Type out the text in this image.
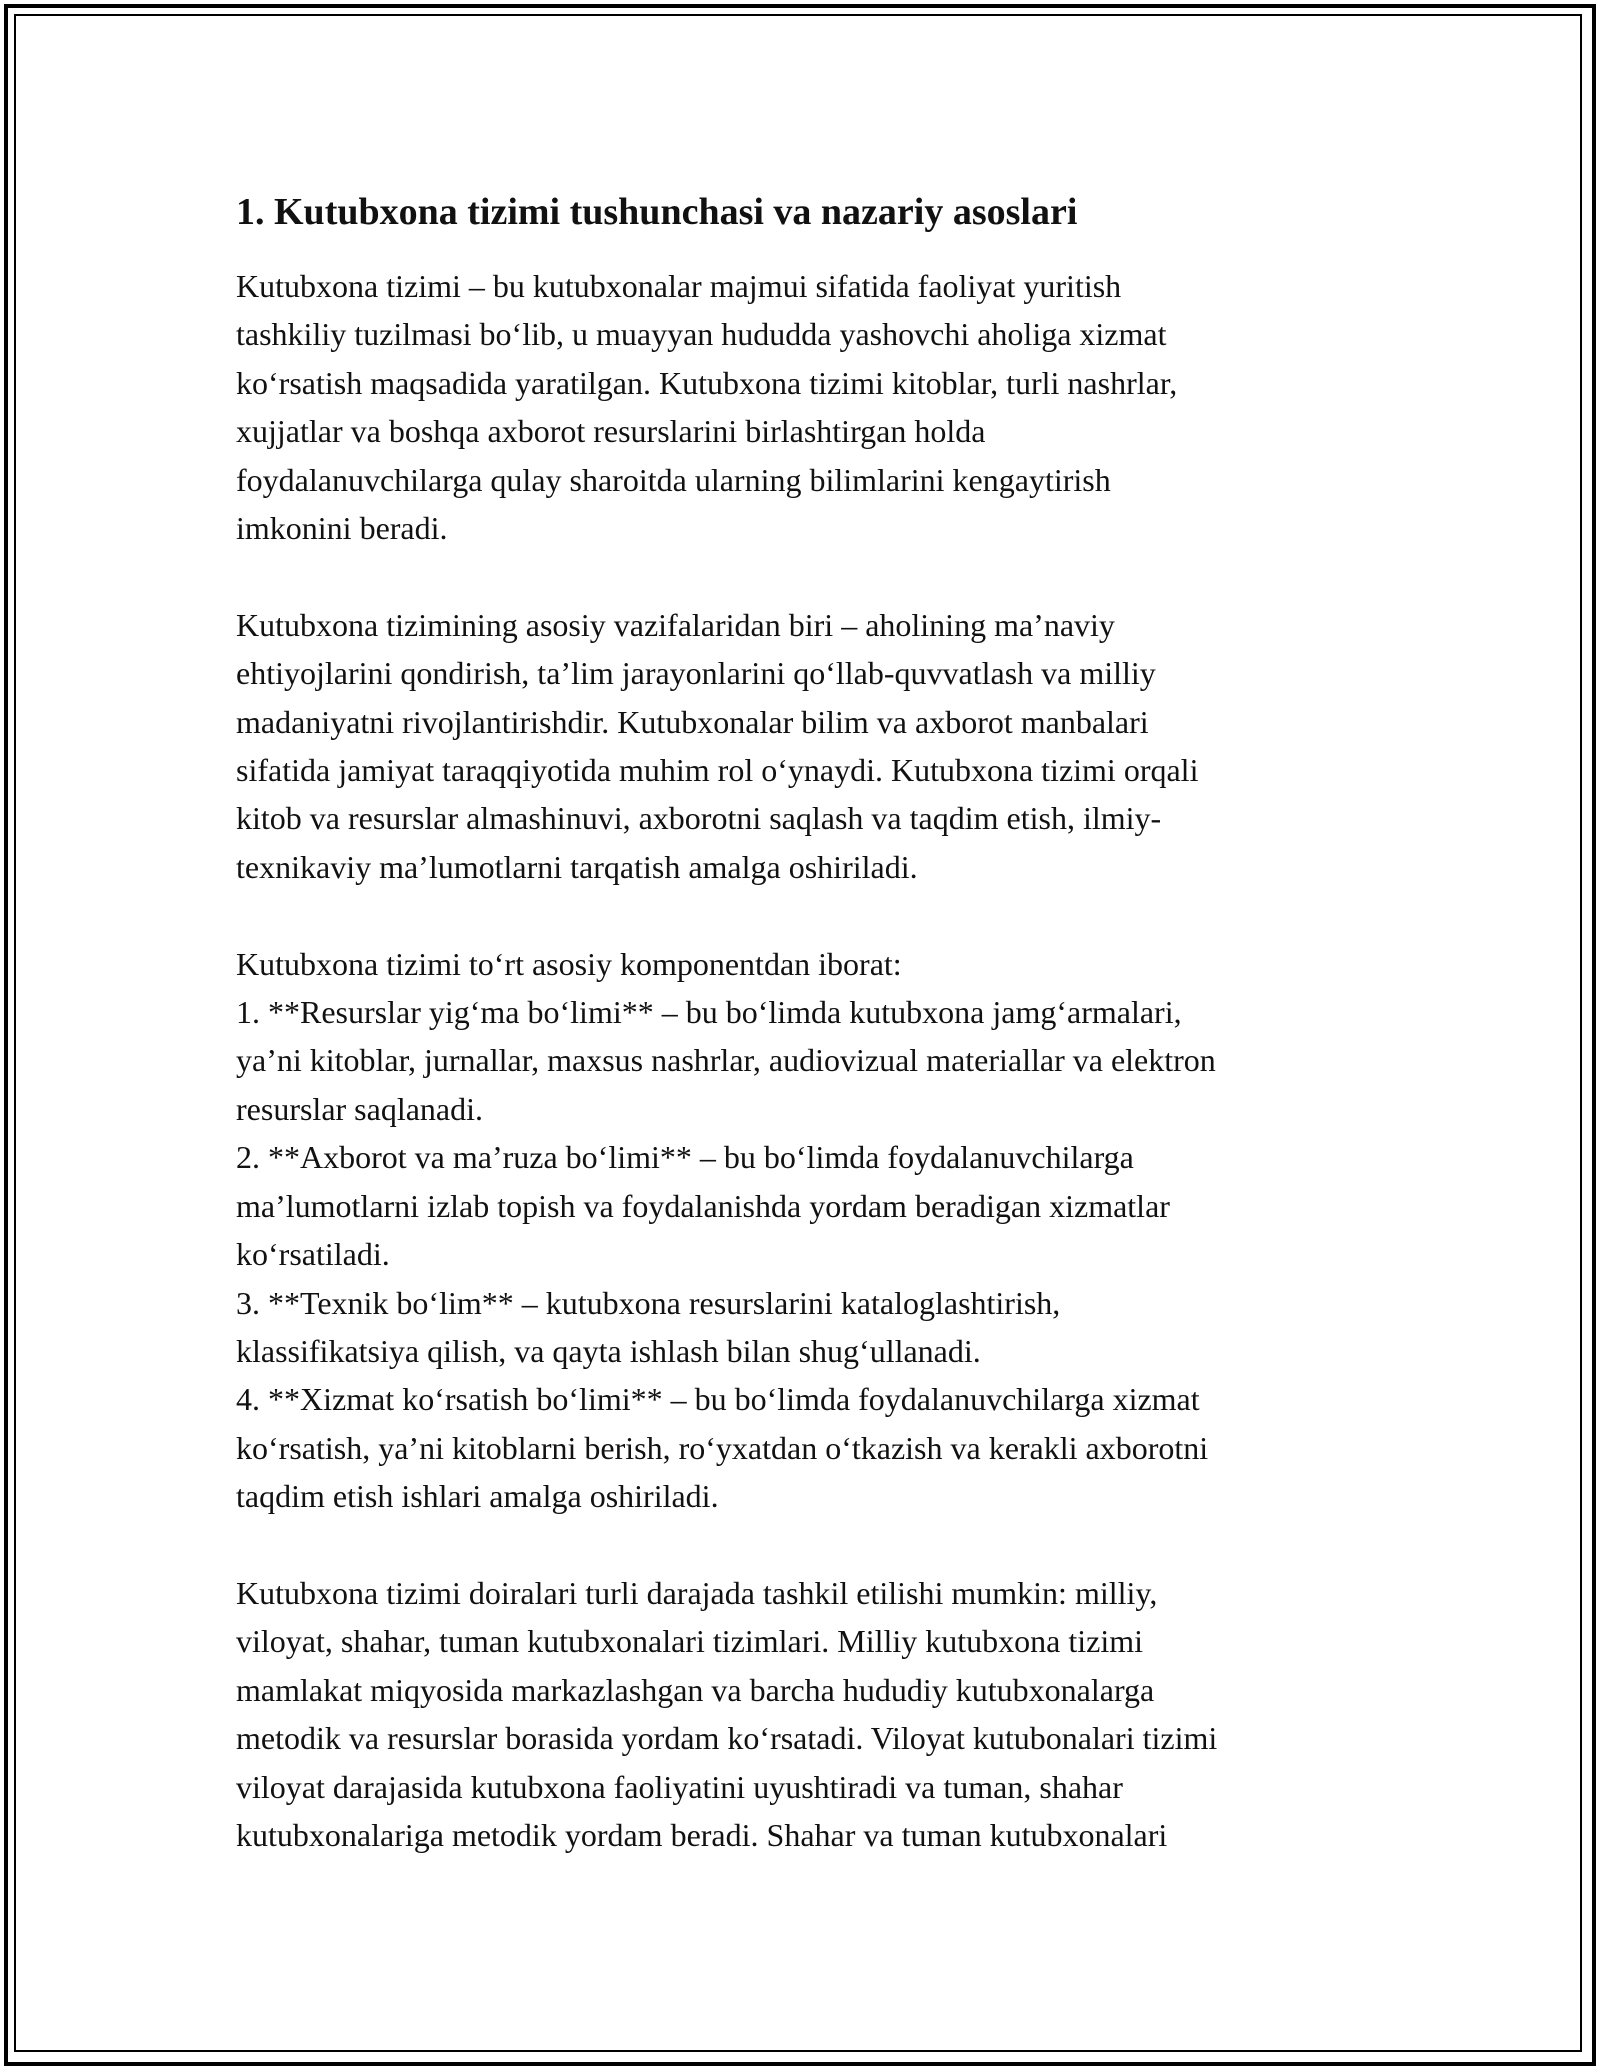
1. Kutubxona tizimi tushunchasi va nazariy asoslari
Kutubxona tizimi – bu kutubxonalar majmui sifatida faoliyat yuritish
tashkiliy tuzilmasi bo‘lib, u muayyan hududda yashovchi aholiga xizmat
ko‘rsatish maqsadida yaratilgan. Kutubxona tizimi kitoblar, turli nashrlar,
xujjatlar va boshqa axborot resurslarini birlashtirgan holda
foydalanuvchilarga qulay sharoitda ularning bilimlarini kengaytirish
imkonini beradi.
Kutubxona tizimining asosiy vazifalaridan biri – aholining ma’naviy
ehtiyojlarini qondirish, ta’lim jarayonlarini qo‘llab-quvvatlash va milliy
madaniyatni rivojlantirishdir. Kutubxonalar bilim va axborot manbalari
sifatida jamiyat taraqqiyotida muhim rol o‘ynaydi. Kutubxona tizimi orqali
kitob va resurslar almashinuvi, axborotni saqlash va taqdim etish, ilmiy-
texnikaviy ma’lumotlarni tarqatish amalga oshiriladi.
Kutubxona tizimi to‘rt asosiy komponentdan iborat:
1. **Resurslar yig‘ma bo‘limi** – bu bo‘limda kutubxona jamg‘armalari,
ya’ni kitoblar, jurnallar, maxsus nashrlar, audiovizual materiallar va elektron
resurslar saqlanadi.
2. **Axborot va ma’ruza bo‘limi** – bu bo‘limda foydalanuvchilarga
ma’lumotlarni izlab topish va foydalanishda yordam beradigan xizmatlar
ko‘rsatiladi.
3. **Texnik bo‘lim** – kutubxona resurslarini kataloglashtirish,
klassifikatsiya qilish, va qayta ishlash bilan shug‘ullanadi.
4. **Xizmat ko‘rsatish bo‘limi** – bu bo‘limda foydalanuvchilarga xizmat
ko‘rsatish, ya’ni kitoblarni berish, ro‘yxatdan o‘tkazish va kerakli axborotni
taqdim etish ishlari amalga oshiriladi.
Kutubxona tizimi doiralari turli darajada tashkil etilishi mumkin: milliy,
viloyat, shahar, tuman kutubxonalari tizimlari. Milliy kutubxona tizimi
mamlakat miqyosida markazlashgan va barcha hududiy kutubxonalarga
metodik va resurslar borasida yordam ko‘rsatadi. Viloyat kutubonalari tizimi
viloyat darajasida kutubxona faoliyatini uyushtiradi va tuman, shahar
kutubxonalariga metodik yordam beradi. Shahar va tuman kutubxonalari
